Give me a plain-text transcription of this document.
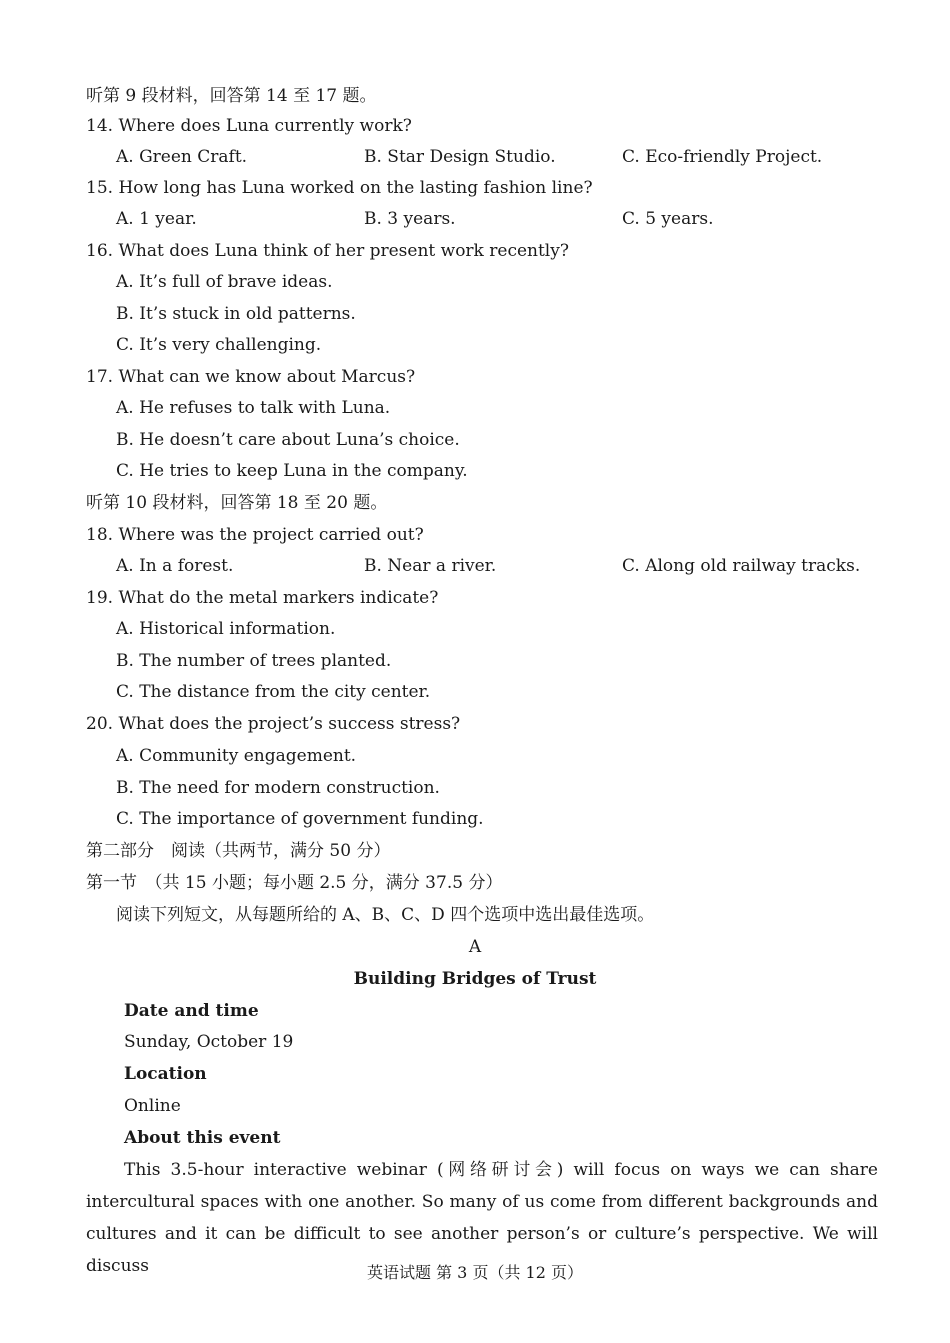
听第 9 段材料，回答第 14 至 17 题。
14. Where does Luna currently work?
A. Green Craft.	B. Star Design Studio.	C. Eco-friendly Project.
15. How long has Luna worked on the lasting fashion line?
A. 1 year.	B. 3 years.	C. 5 years.
16. What does Luna think of her present work recently?
A. It’s full of brave ideas.
B. It’s stuck in old patterns.
C. It’s very challenging.
17. What can we know about Marcus?
A. He refuses to talk with Luna.
B. He doesn’t care about Luna’s choice.
C. He tries to keep Luna in the company.
听第 10 段材料，回答第 18 至 20 题。
18. Where was the project carried out?
A. In a forest.	B. Near a river.	C. Along old railway tracks.
19. What do the metal markers indicate?
A. Historical information.
B. The number of trees planted.
C. The distance from the city center.
20. What does the project’s success stress?
A. Community engagement.
B. The need for modern construction.
C. The importance of government funding.
第二部分　阅读（共两节，满分 50 分）
第一节　（共 15 小题；每小题 2.5 分，满分 37.5 分）
阅读下列短文，从每题所给的 A、B、C、D 四个选项中选出最佳选项。
A
Building Bridges of Trust
Date and time
Sunday, October 19
Location
Online
About this event
This 3.5-hour interactive webinar (网络研讨会) will focus on ways we can share
intercultural spaces with one another. So many of us come from different backgrounds and
cultures and it can be difficult to see another person’s or culture’s perspective. We will discuss	英语试题 第 3 页（共 12 页）
